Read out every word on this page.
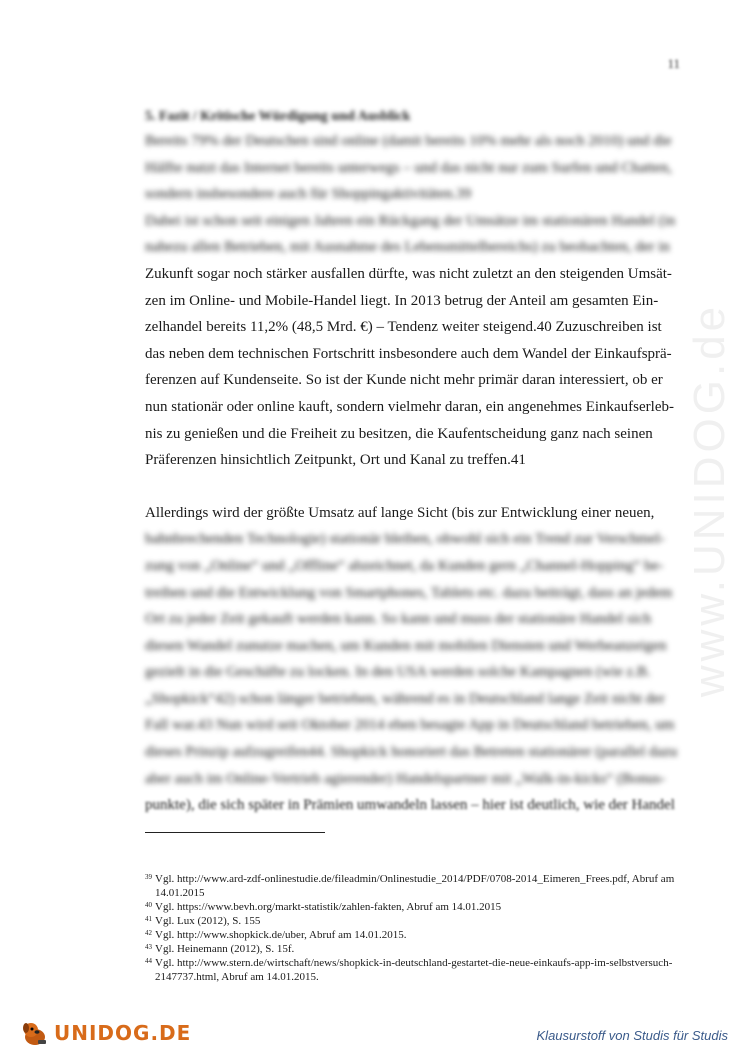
11
www.UNIDOG.de
5. Fazit / Kritische Würdigung und Ausblick
Bereits 79% der Deutschen sind online (damit bereits 10% mehr als noch 2010) und die
Hälfte nutzt das Internet bereits unterwegs – und das nicht nur zum Surfen und Chatten,
sondern insbesondere auch für Shoppingaktivitäten.39
Dabei ist schon seit einigen Jahren ein Rückgang der Umsätze im stationären Handel (in
nahezu allen Betrieben, mit Ausnahme des Lebensmittelbereichs) zu beobachten, der in
Zukunft sogar noch stärker ausfallen dürfte, was nicht zuletzt an den steigenden Umsät-
zen im Online- und Mobile-Handel liegt. In 2013 betrug der Anteil am gesamten Ein-
zelhandel bereits 11,2% (48,5 Mrd. €) – Tendenz weiter steigend.40 Zuzuschreiben ist
das neben dem technischen Fortschritt insbesondere auch dem Wandel der Einkaufsprä-
ferenzen auf Kundenseite. So ist der Kunde nicht mehr primär daran interessiert, ob er
nun stationär oder online kauft, sondern vielmehr daran, ein angenehmes Einkaufserleb-
nis zu genießen und die Freiheit zu besitzen, die Kaufentscheidung ganz nach seinen
Präferenzen hinsichtlich Zeitpunkt, Ort und Kanal zu treffen.41
Allerdings wird der größte Umsatz auf lange Sicht (bis zur Entwicklung einer neuen,
bahnbrechenden Technologie) stationär bleiben, obwohl sich ein Trend zur Verschmel-
zung von „Online“ und „Offline“ abzeichnet, da Kunden gern „Channel-Hopping“ be-
treiben und die Entwicklung von Smartphones, Tablets etc. dazu beiträgt, dass an jedem
Ort zu jeder Zeit gekauft werden kann. So kann und muss der stationäre Handel sich
diesen Wandel zunutze machen, um Kunden mit mobilen Diensten und Werbeanzeigen
gezielt in die Geschäfte zu locken. In den USA werden solche Kampagnen (wie z.B.
„Shopkick“42) schon länger betrieben, während es in Deutschland lange Zeit nicht der
Fall war.43 Nun wird seit Oktober 2014 eben besagte App in Deutschland betrieben, um
dieses Prinzip aufzugreifen44. Shopkick honoriert das Betreten stationärer (parallel dazu
aber auch im Online-Vertrieb agierender) Handelspartner mit „Walk-in-kicks“ (Bonus-
punkte), die sich später in Prämien umwandeln lassen – hier ist deutlich, wie der Handel
39 Vgl. http://www.ard-zdf-onlinestudie.de/fileadmin/Onlinestudie_2014/PDF/0708-2014_Eimeren_Frees.pdf, Abruf am 14.01.2015
40 Vgl. https://www.bevh.org/markt-statistik/zahlen-fakten, Abruf am 14.01.2015
41 Vgl. Lux (2012), S. 155
42 Vgl. http://www.shopkick.de/uber, Abruf am 14.01.2015.
43 Vgl. Heinemann (2012), S. 15f.
44 Vgl. http://www.stern.de/wirtschaft/news/shopkick-in-deutschland-gestartet-die-neue-einkaufs-app-im-selbstversuch-2147737.html, Abruf am 14.01.2015.
UNIDOG.DE	Klausurstoff von Studis für Studis
